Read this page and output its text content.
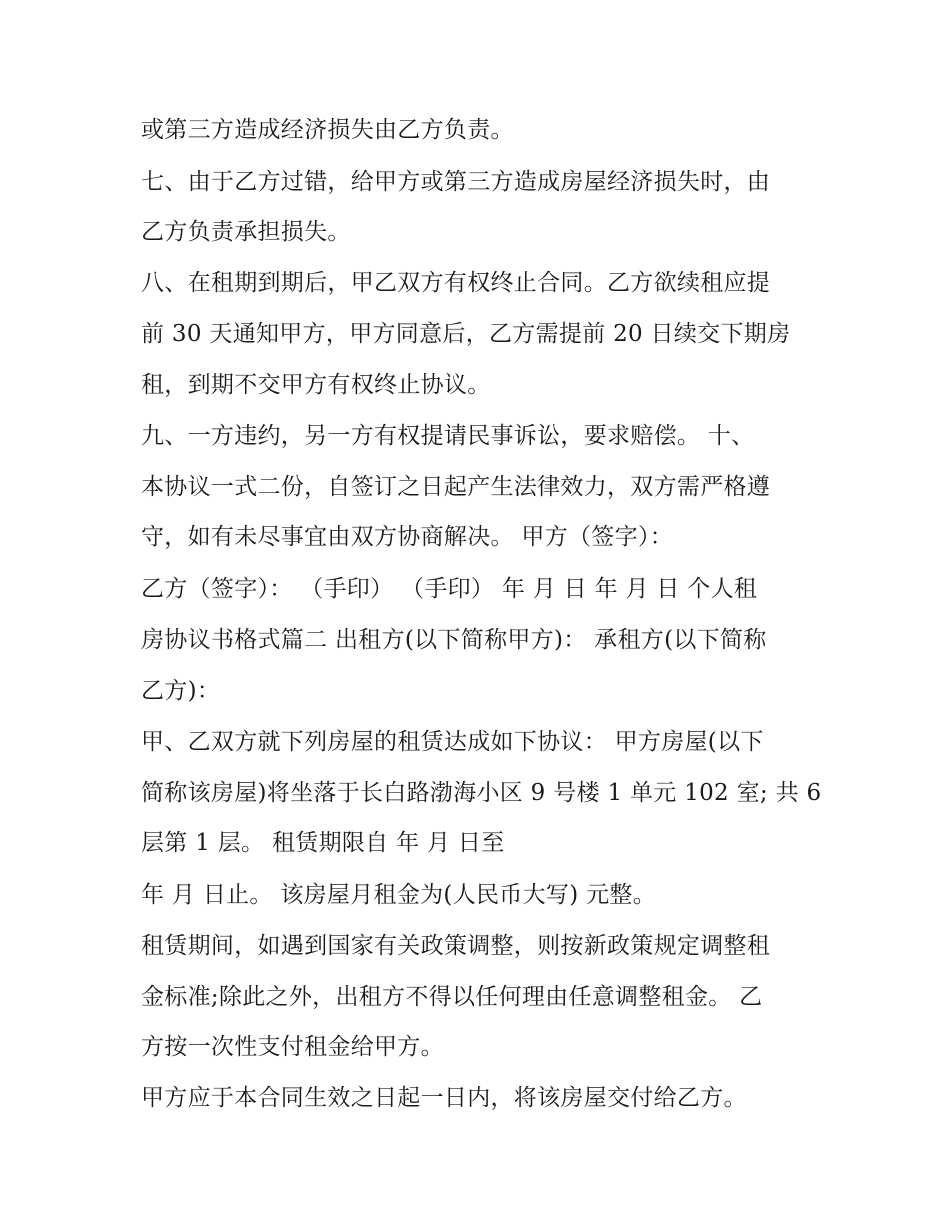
或第三方造成经济损失由乙方负责。
七、由于乙方过错，给甲方或第三方造成房屋经济损失时，由
乙方负责承担损失。
八、在租期到期后，甲乙双方有权终止合同。乙方欲续租应提
前 30 天通知甲方，甲方同意后，乙方需提前 20 日续交下期房
租，到期不交甲方有权终止协议。
九、一方违约，另一方有权提请民事诉讼，要求赔偿。 十、
本协议一式二份，自签订之日起产生法律效力，双方需严格遵
守，如有未尽事宜由双方协商解决。 甲方（签字）：
乙方（签字）： （手印） （手印） 年 月 日 年 月 日 个人租
房协议书格式篇二 出租方(以下简称甲方)： 承租方(以下简称
乙方)：
甲、乙双方就下列房屋的租赁达成如下协议： 甲方房屋(以下
简称该房屋)将坐落于长白路渤海小区 9 号楼 1 单元 102 室; 共 6
层第 1 层。 租赁期限自 年 月 日至
年 月 日止。 该房屋月租金为(人民币大写) 元整。
租赁期间，如遇到国家有关政策调整，则按新政策规定调整租
金标准;除此之外，出租方不得以任何理由任意调整租金。 乙
方按一次性支付租金给甲方。
甲方应于本合同生效之日起一日内，将该房屋交付给乙方。
